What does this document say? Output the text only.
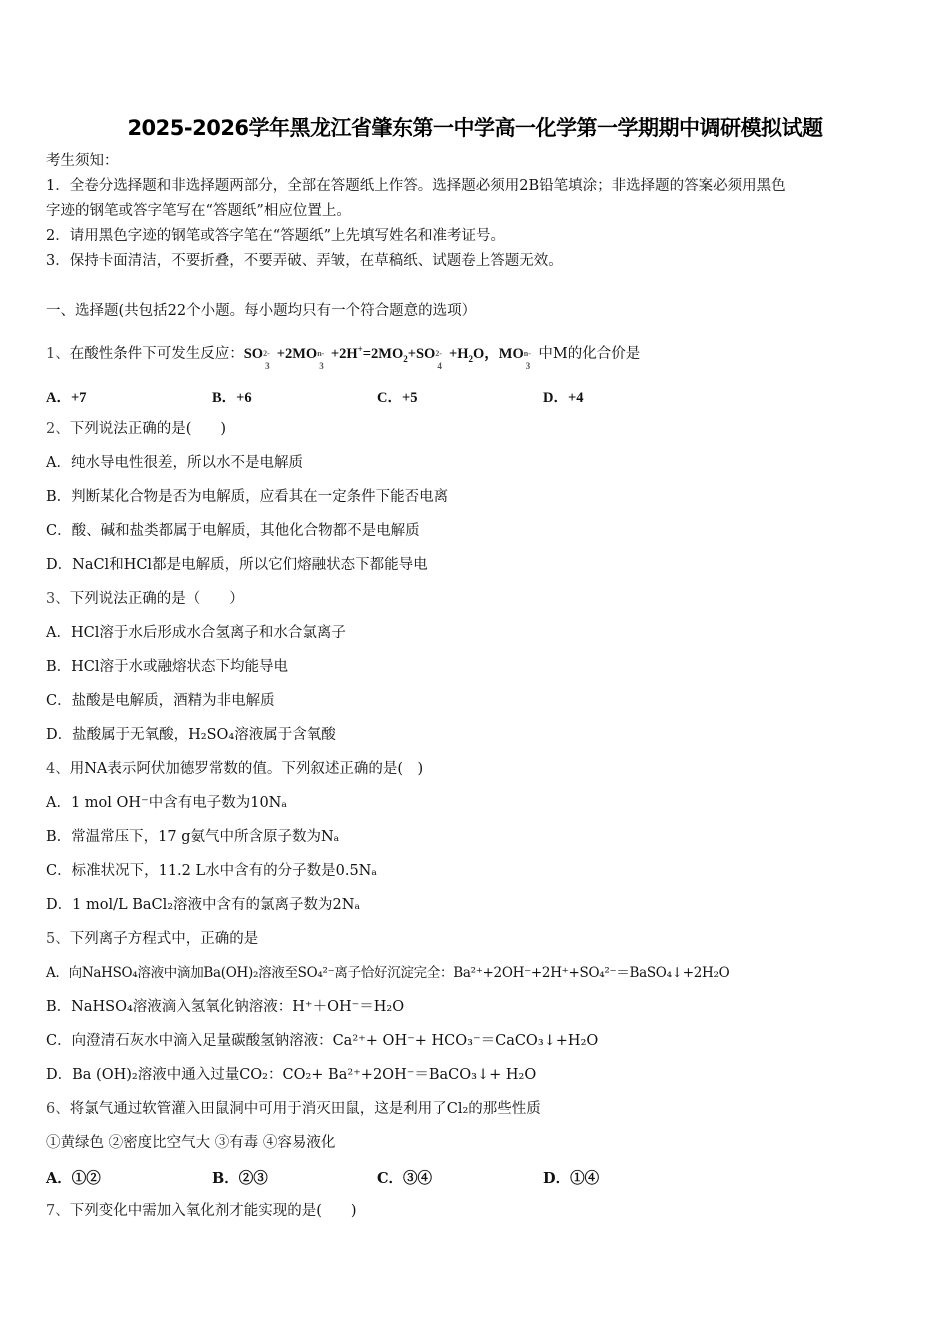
2025-2026学年黑龙江省肇东第一中学高一化学第一学期期中调研模拟试题
考生须知：
1．全卷分选择题和非选择题两部分，全部在答题纸上作答。选择题必须用2B铅笔填涂；非选择题的答案必须用黑色
字迹的钢笔或答字笔写在“答题纸”相应位置上。
2．请用黑色字迹的钢笔或答字笔在“答题纸”上先填写姓名和准考证号。
3．保持卡面清洁，不要折叠，不要弄破、弄皱，在草稿纸、试题卷上答题无效。
一、选择题(共包括22个小题。每小题均只有一个符合题意的选项）
1、在酸性条件下可发生反应：SO 2-
3
+2MO n-
3
$+2H^+=2MO_2+SO$ 2-
4
$+H_2O$，MO n-
3
中M的化合价是
A．+7	B．+6	C．+5	D．+4
2、下列说法正确的是(　　)
A．纯水导电性很差，所以水不是电解质
B．判断某化合物是否为电解质，应看其在一定条件下能否电离
C．酸、碱和盐类都属于电解质，其他化合物都不是电解质
D．NaCl和HCl都是电解质，所以它们熔融状态下都能导电
3、下列说法正确的是（　　）
A．HCl溶于水后形成水合氢离子和水合氯离子
B．HCl溶于水或融熔状态下均能导电
C．盐酸是电解质，酒精为非电解质
D．盐酸属于无氧酸，H₂SO₄溶液属于含氧酸
4、用NA表示阿伏加德罗常数的值。下列叙述正确的是(　)
A．1 mol OH⁻中含有电子数为10Nₐ
B．常温常压下，17 g氨气中所含原子数为Nₐ
C．标准状况下，11.2 L水中含有的分子数是0.5Nₐ
D．1 mol/L BaCl₂溶液中含有的氯离子数为2Nₐ
5、下列离子方程式中，正确的是
A．向NaHSO₄溶液中滴加Ba(OH)₂溶液至SO₄²⁻离子恰好沉淀完全：Ba²⁺+2OH⁻+2H⁺+SO₄²⁻＝BaSO₄↓+2H₂O
B．NaHSO₄溶液滴入氢氧化钠溶液：H⁺＋OH⁻＝H₂O
C．向澄清石灰水中滴入足量碳酸氢钠溶液：Ca²⁺+ OH⁻+ HCO₃⁻＝CaCO₃↓+H₂O
D．Ba (OH)₂溶液中通入过量CO₂：CO₂+ Ba²⁺+2OH⁻＝BaCO₃↓+ H₂O
6、将氯气通过软管灌入田鼠洞中可用于消灭田鼠，这是利用了Cl₂的那些性质
①黄绿色 ②密度比空气大 ③有毒 ④容易液化
A．①②	B．②③	C．③④	D．①④
7、下列变化中需加入氧化剂才能实现的是(　　)
